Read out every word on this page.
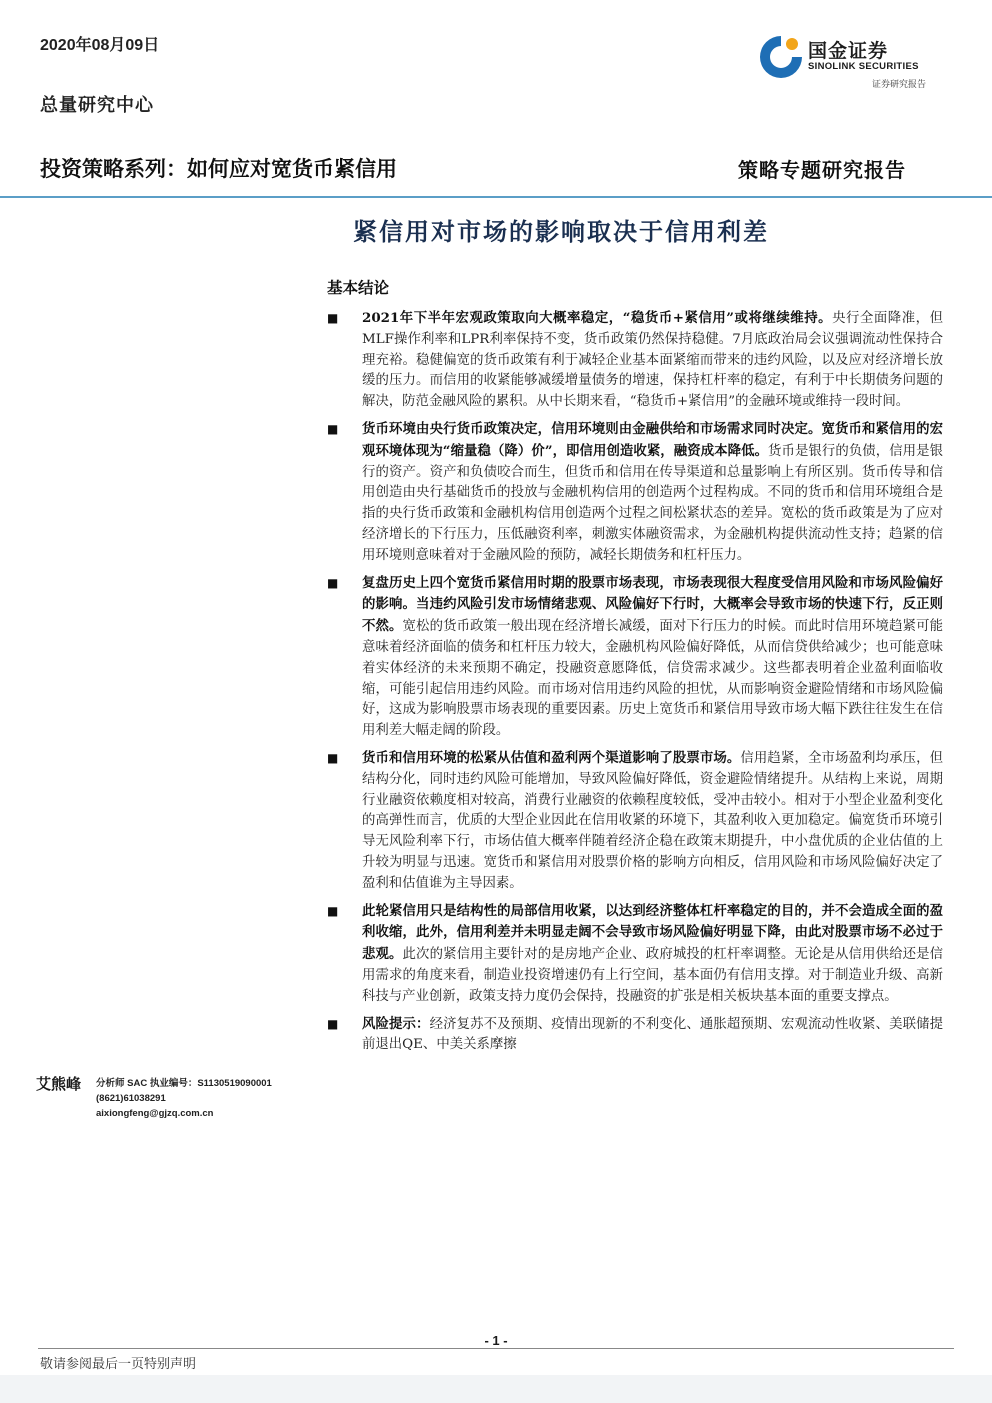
2020年08月09日
总量研究中心
国金证券
SINOLINK SECURITIES
证券研究报告
投资策略系列：如何应对宽货币紧信用	策略专题研究报告
紧信用对市场的影响取决于信用利差
基本结论
■	2021年下半年宏观政策取向大概率稳定，“稳货币+紧信用”或将继续维持。央行全面降准，但MLF操作利率和LPR利率保持不变，货币政策仍然保持稳健。7月底政治局会议强调流动性保持合理充裕。稳健偏宽的货币政策有利于减轻企业基本面紧缩而带来的违约风险，以及应对经济增长放缓的压力。而信用的收紧能够减缓增量债务的增速，保持杠杆率的稳定，有利于中长期债务问题的解决，防范金融风险的累积。从中长期来看，“稳货币+紧信用”的金融环境或维持一段时间。
■	货币环境由央行货币政策决定，信用环境则由金融供给和市场需求同时决定。宽货币和紧信用的宏观环境体现为“缩量稳（降）价”，即信用创造收紧，融资成本降低。货币是银行的负债，信用是银行的资产。资产和负债咬合而生，但货币和信用在传导渠道和总量影响上有所区别。货币传导和信用创造由央行基础货币的投放与金融机构信用的创造两个过程构成。不同的货币和信用环境组合是指的央行货币政策和金融机构信用创造两个过程之间松紧状态的差异。宽松的货币政策是为了应对经济增长的下行压力，压低融资利率，刺激实体融资需求，为金融机构提供流动性支持；趋紧的信用环境则意味着对于金融风险的预防，减轻长期债务和杠杆压力。
■	复盘历史上四个宽货币紧信用时期的股票市场表现，市场表现很大程度受信用风险和市场风险偏好的影响。当违约风险引发市场情绪悲观、风险偏好下行时，大概率会导致市场的快速下行，反正则不然。宽松的货币政策一般出现在经济增长减缓，面对下行压力的时候。而此时信用环境趋紧可能意味着经济面临的债务和杠杆压力较大，金融机构风险偏好降低，从而信贷供给减少；也可能意味着实体经济的未来预期不确定，投融资意愿降低，信贷需求减少。这些都表明着企业盈利面临收缩，可能引起信用违约风险。而市场对信用违约风险的担忧，从而影响资金避险情绪和市场风险偏好，这成为影响股票市场表现的重要因素。历史上宽货币和紧信用导致市场大幅下跌往往发生在信用利差大幅走阔的阶段。
■	货币和信用环境的松紧从估值和盈利两个渠道影响了股票市场。信用趋紧，全市场盈利均承压，但结构分化，同时违约风险可能增加，导致风险偏好降低，资金避险情绪提升。从结构上来说，周期行业融资依赖度相对较高，消费行业融资的依赖程度较低，受冲击较小。相对于小型企业盈利变化的高弹性而言，优质的大型企业因此在信用收紧的环境下，其盈利收入更加稳定。偏宽货币环境引导无风险利率下行，市场估值大概率伴随着经济企稳在政策末期提升，中小盘优质的企业估值的上升较为明显与迅速。宽货币和紧信用对股票价格的影响方向相反，信用风险和市场风险偏好决定了盈利和估值谁为主导因素。
■	此轮紧信用只是结构性的局部信用收紧，以达到经济整体杠杆率稳定的目的，并不会造成全面的盈利收缩，此外，信用利差并未明显走阔不会导致市场风险偏好明显下降，由此对股票市场不必过于悲观。此次的紧信用主要针对的是房地产企业、政府城投的杠杆率调整。无论是从信用供给还是信用需求的角度来看，制造业投资增速仍有上行空间，基本面仍有信用支撑。对于制造业升级、高新科技与产业创新，政策支持力度仍会保持，投融资的扩张是相关板块基本面的重要支撑点。
■	风险提示：经济复苏不及预期、疫情出现新的不利变化、通胀超预期、宏观流动性收紧、美联储提前退出QE、中美关系摩擦
艾熊峰 分析师 SAC 执业编号：S1130519090001
(8621)61038291
aixiongfeng@gjzq.com.cn
- 1 -
敬请参阅最后一页特别声明
